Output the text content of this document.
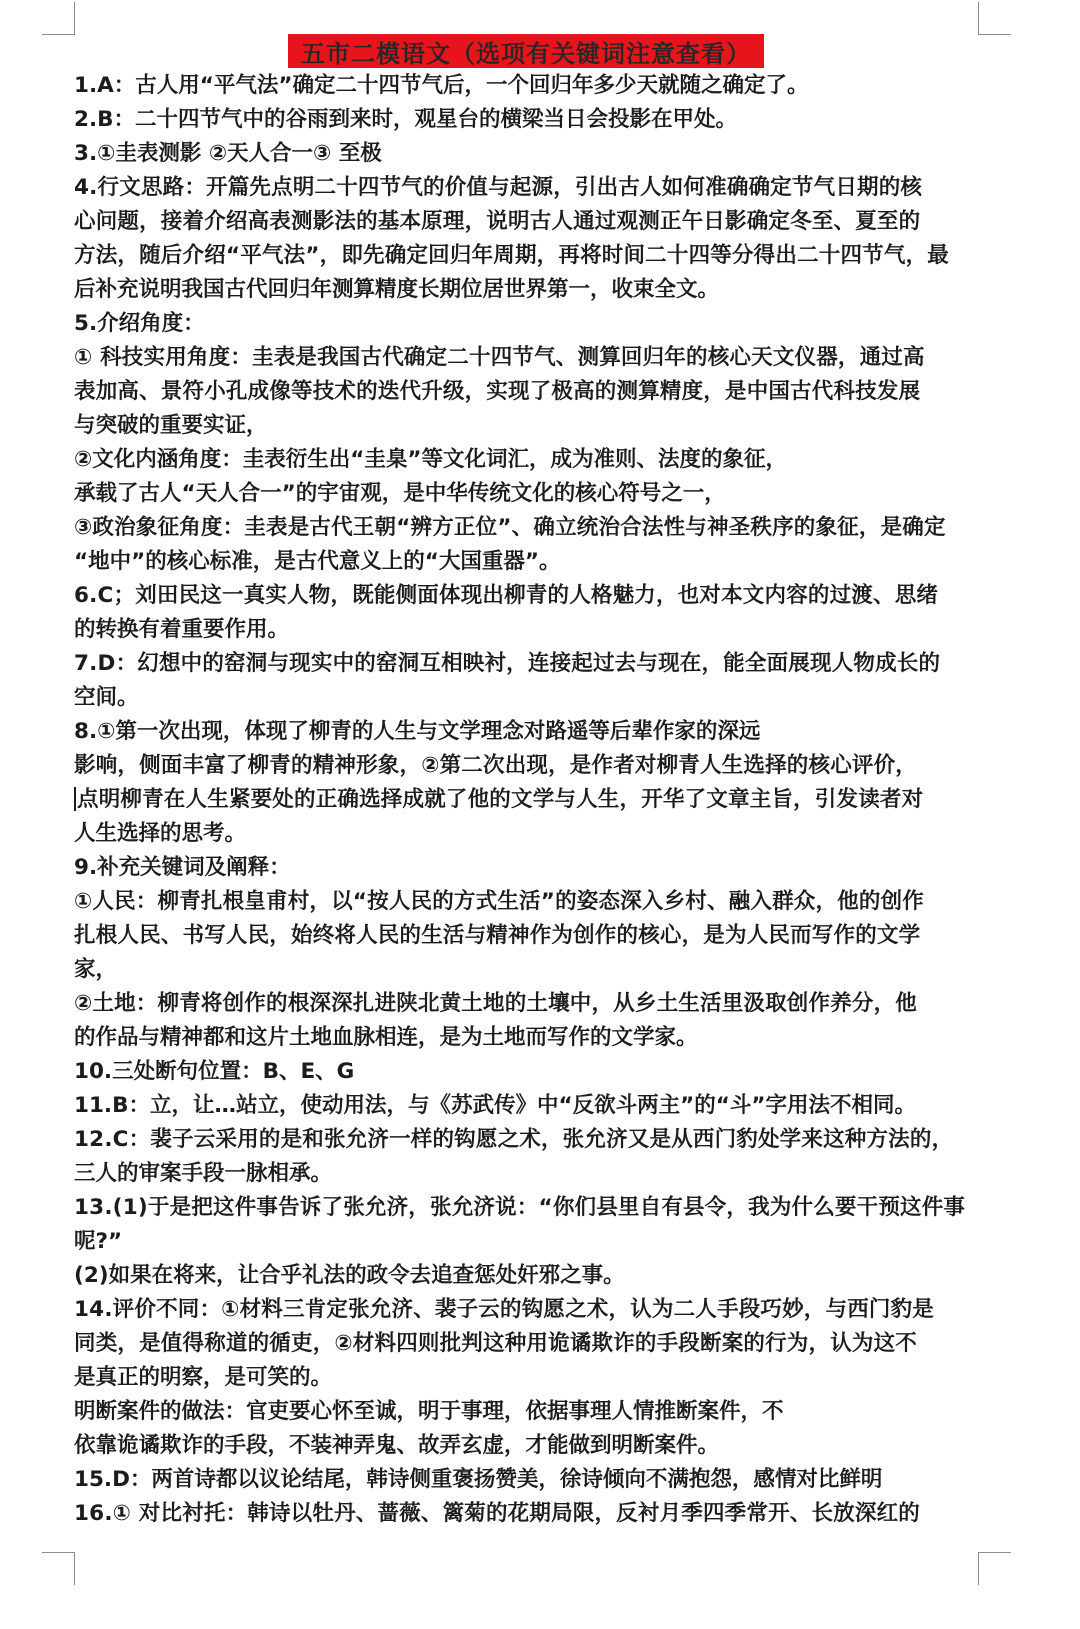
五市二模语文（选项有关键词注意查看）
1.A：古人用“平气法”确定二十四节气后，一个回归年多少天就随之确定了。
2.B：二十四节气中的谷雨到来时，观星台的横梁当日会投影在甲处。
3.①圭表测影 ②天人合一③ 至极
4.行文思路：开篇先点明二十四节气的价值与起源，引出古人如何准确确定节气日期的核
心问题，接着介绍高表测影法的基本原理，说明古人通过观测正午日影确定冬至、夏至的
方法，随后介绍“平气法”，即先确定回归年周期，再将时间二十四等分得出二十四节气，最
后补充说明我国古代回归年测算精度长期位居世界第一，收束全文。
5.介绍角度：
① 科技实用角度：圭表是我国古代确定二十四节气、测算回归年的核心天文仪器，通过高
表加高、景符小孔成像等技术的迭代升级，实现了极高的测算精度，是中国古代科技发展
与突破的重要实证，
②文化内涵角度：圭表衍生出“圭臬”等文化词汇，成为准则、法度的象征，
承载了古人“天人合一”的宇宙观，是中华传统文化的核心符号之一，
③政治象征角度：圭表是古代王朝“辨方正位”、确立统治合法性与神圣秩序的象征，是确定
“地中”的核心标准，是古代意义上的“大国重器”。
6.C；刘田民这一真实人物，既能侧面体现出柳青的人格魅力，也对本文内容的过渡、思绪
的转换有着重要作用。
7.D：幻想中的窑洞与现实中的窑洞互相映衬，连接起过去与现在，能全面展现人物成长的
空间。
8.①第一次出现，体现了柳青的人生与文学理念对路遥等后辈作家的深远
影响，侧面丰富了柳青的精神形象，②第二次出现，是作者对柳青人生选择的核心评价，
点明柳青在人生紧要处的正确选择成就了他的文学与人生，开华了文章主旨，引发读者对
人生选择的思考。
9.补充关键词及阐释：
①人民：柳青扎根皇甫村，以“按人民的方式生活”的姿态深入乡村、融入群众，他的创作
扎根人民、书写人民，始终将人民的生活与精神作为创作的核心，是为人民而写作的文学
家，
②土地：柳青将创作的根深深扎进陕北黄土地的土壤中，从乡土生活里汲取创作养分，他
的作品与精神都和这片土地血脉相连，是为土地而写作的文学家。
10.三处断句位置：B、E、G
11.B：立，让…站立，使动用法，与《苏武传》中“反欲斗两主”的“斗”字用法不相同。
12.C：裴子云采用的是和张允济一样的钩愿之术，张允济又是从西门豹处学来这种方法的，
三人的审案手段一脉相承。
13.(1)于是把这件事告诉了张允济，张允济说：“你们县里自有县令，我为什么要干预这件事
呢?”
(2)如果在将来，让合乎礼法的政令去追查惩处奸邪之事。
14.评价不同：①材料三肯定张允济、裴子云的钩愿之术，认为二人手段巧妙，与西门豹是
同类，是值得称道的循吏，②材料四则批判这种用诡谲欺诈的手段断案的行为，认为这不
是真正的明察，是可笑的。
明断案件的做法：官吏要心怀至诚，明于事理，依据事理人情推断案件，不
依靠诡谲欺诈的手段，不装神弄鬼、故弄玄虚，才能做到明断案件。
15.D：两首诗都以议论结尾，韩诗侧重褒扬赞美，徐诗倾向不满抱怨，感情对比鲜明
16.① 对比衬托：韩诗以牡丹、蔷薇、篱菊的花期局限，反衬月季四季常开、长放深红的
